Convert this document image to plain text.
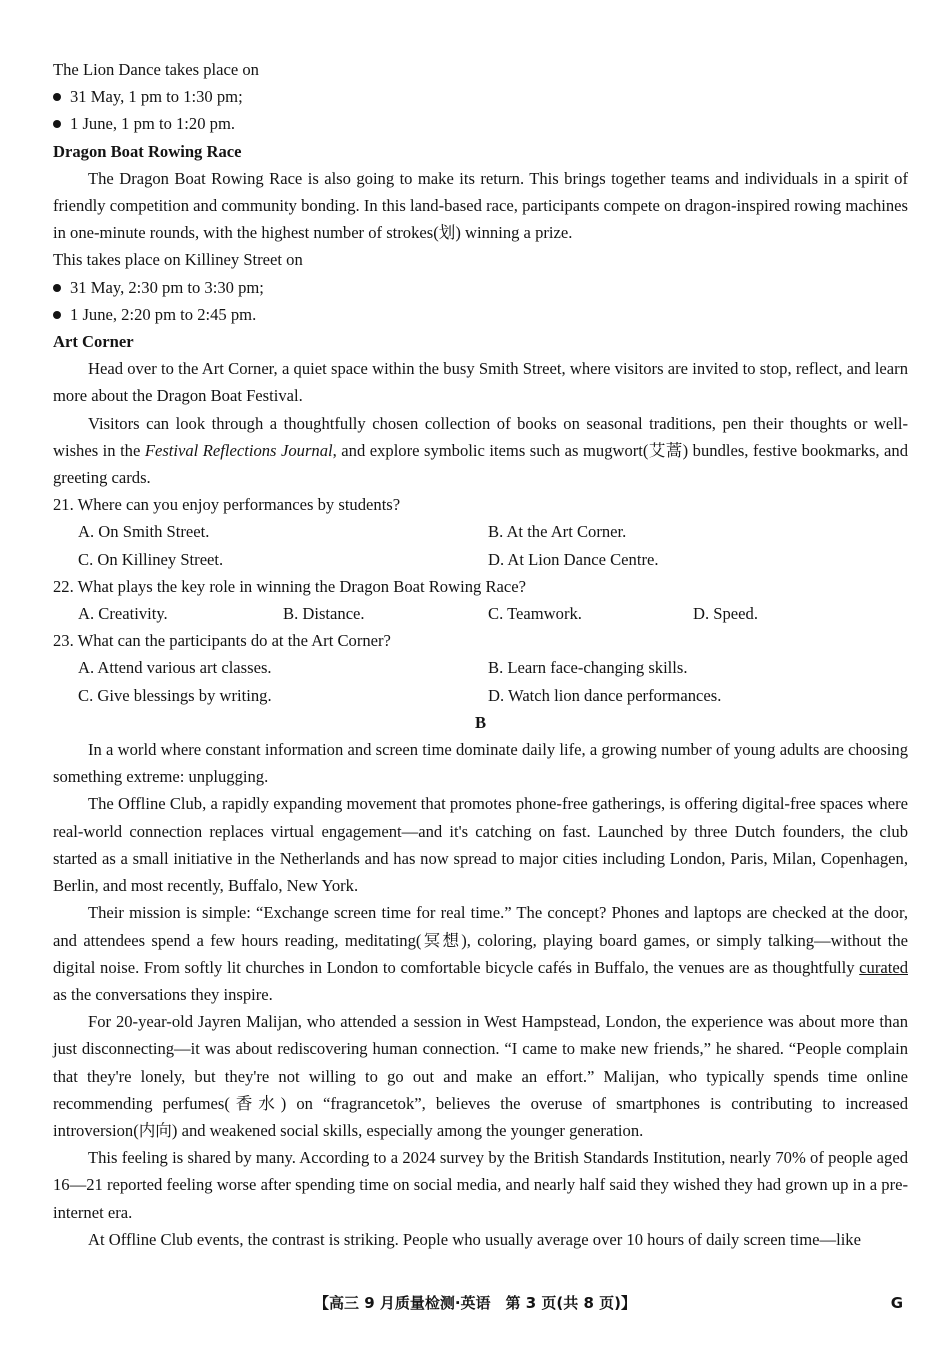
The Lion Dance takes place on

31 May, 1 pm to 1:30 pm;
1 June, 1 pm to 1:20 pm.

Dragon Boat Rowing Race

The Dragon Boat Rowing Race is also going to make its return. This brings together teams and individuals in a spirit of friendly competition and community bonding. In this land-based race, participants compete on dragon-inspired rowing machines in one-minute rounds, with the highest number of strokes(划) winning a prize.

This takes place on Killiney Street on

31 May, 2:30 pm to 3:30 pm;
1 June, 2:20 pm to 2:45 pm.

Art Corner

Head over to the Art Corner, a quiet space within the busy Smith Street, where visitors are invited to stop, reflect, and learn more about the Dragon Boat Festival.

Visitors can look through a thoughtfully chosen collection of books on seasonal traditions, pen their thoughts or well-wishes in the Festival Reflections Journal, and explore symbolic items such as mugwort(艾蒿) bundles, festive bookmarks, and greeting cards.

21. Where can you enjoy performances by students?

A. On Smith Street.	B. At the Art Corner.
C. On Killiney Street.	D. At Lion Dance Centre.

22. What plays the key role in winning the Dragon Boat Rowing Race?

A. Creativity.	B. Distance.	C. Teamwork.	D. Speed.

23. What can the participants do at the Art Corner?

A. Attend various art classes.	B. Learn face-changing skills.
C. Give blessings by writing.	D. Watch lion dance performances.

B

In a world where constant information and screen time dominate daily life, a growing number of young adults are choosing something extreme: unplugging.

The Offline Club, a rapidly expanding movement that promotes phone-free gatherings, is offering digital-free spaces where real-world connection replaces virtual engagement—and it's catching on fast. Launched by three Dutch founders, the club started as a small initiative in the Netherlands and has now spread to major cities including London, Paris, Milan, Copenhagen, Berlin, and most recently, Buffalo, New York.

Their mission is simple: “Exchange screen time for real time.” The concept? Phones and laptops are checked at the door, and attendees spend a few hours reading, meditating(冥想), coloring, playing board games, or simply talking—without the digital noise. From softly lit churches in London to comfortable bicycle cafés in Buffalo, the venues are as thoughtfully curated as the conversations they inspire.

For 20-year-old Jayren Malijan, who attended a session in West Hampstead, London, the experience was about more than just disconnecting—it was about rediscovering human connection. “I came to make new friends,” he shared. “People complain that they're lonely, but they're not willing to go out and make an effort.” Malijan, who typically spends time online recommending perfumes(香水) on “fragrancetok”, believes the overuse of smartphones is contributing to increased introversion(内向) and weakened social skills, especially among the younger generation.

This feeling is shared by many. According to a 2024 survey by the British Standards Institution, nearly 70% of people aged 16—21 reported feeling worse after spending time on social media, and nearly half said they wished they had grown up in a pre-internet era.

At Offline Club events, the contrast is striking. People who usually average over 10 hours of daily screen time—like

【高三 9 月质量检测·英语　第 3 页(共 8 页)】	G
